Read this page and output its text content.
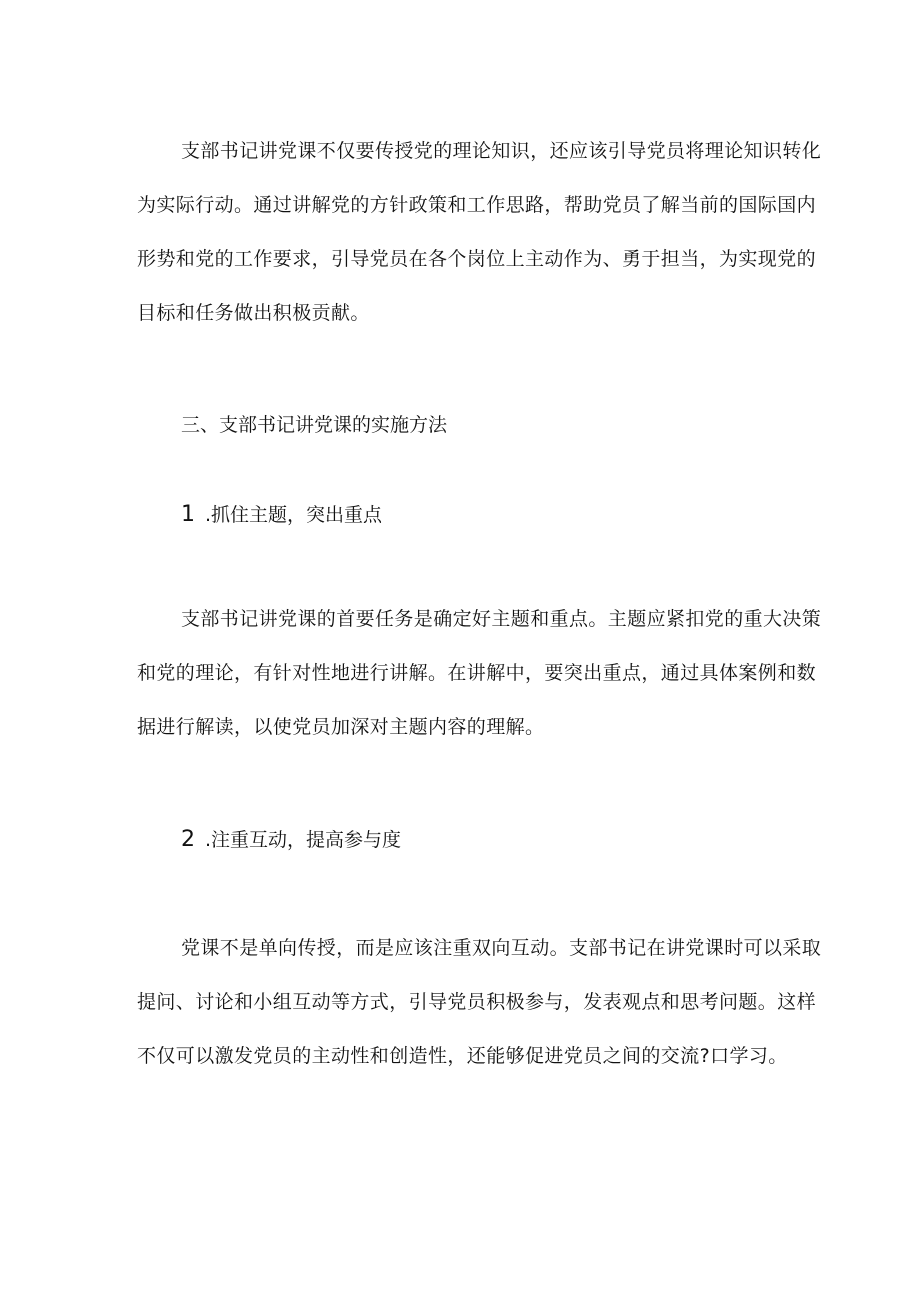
支部书记讲党课不仅要传授党的理论知识，还应该引导党员将理论知识转化
为实际行动。通过讲解党的方针政策和工作思路，帮助党员了解当前的国际国内
形势和党的工作要求，引导党员在各个岗位上主动作为、勇于担当，为实现党的
目标和任务做出积极贡献。
三、支部书记讲党课的实施方法
1 .抓住主题，突出重点
支部书记讲党课的首要任务是确定好主题和重点。主题应紧扣党的重大决策
和党的理论，有针对性地进行讲解。在讲解中，要突出重点，通过具体案例和数
据进行解读，以使党员加深对主题内容的理解。
2 .注重互动，提高参与度
党课不是单向传授，而是应该注重双向互动。支部书记在讲党课时可以采取
提问、讨论和小组互动等方式，引导党员积极参与，发表观点和思考问题。这样
不仅可以激发党员的主动性和创造性，还能够促进党员之间的交流?口学习。
